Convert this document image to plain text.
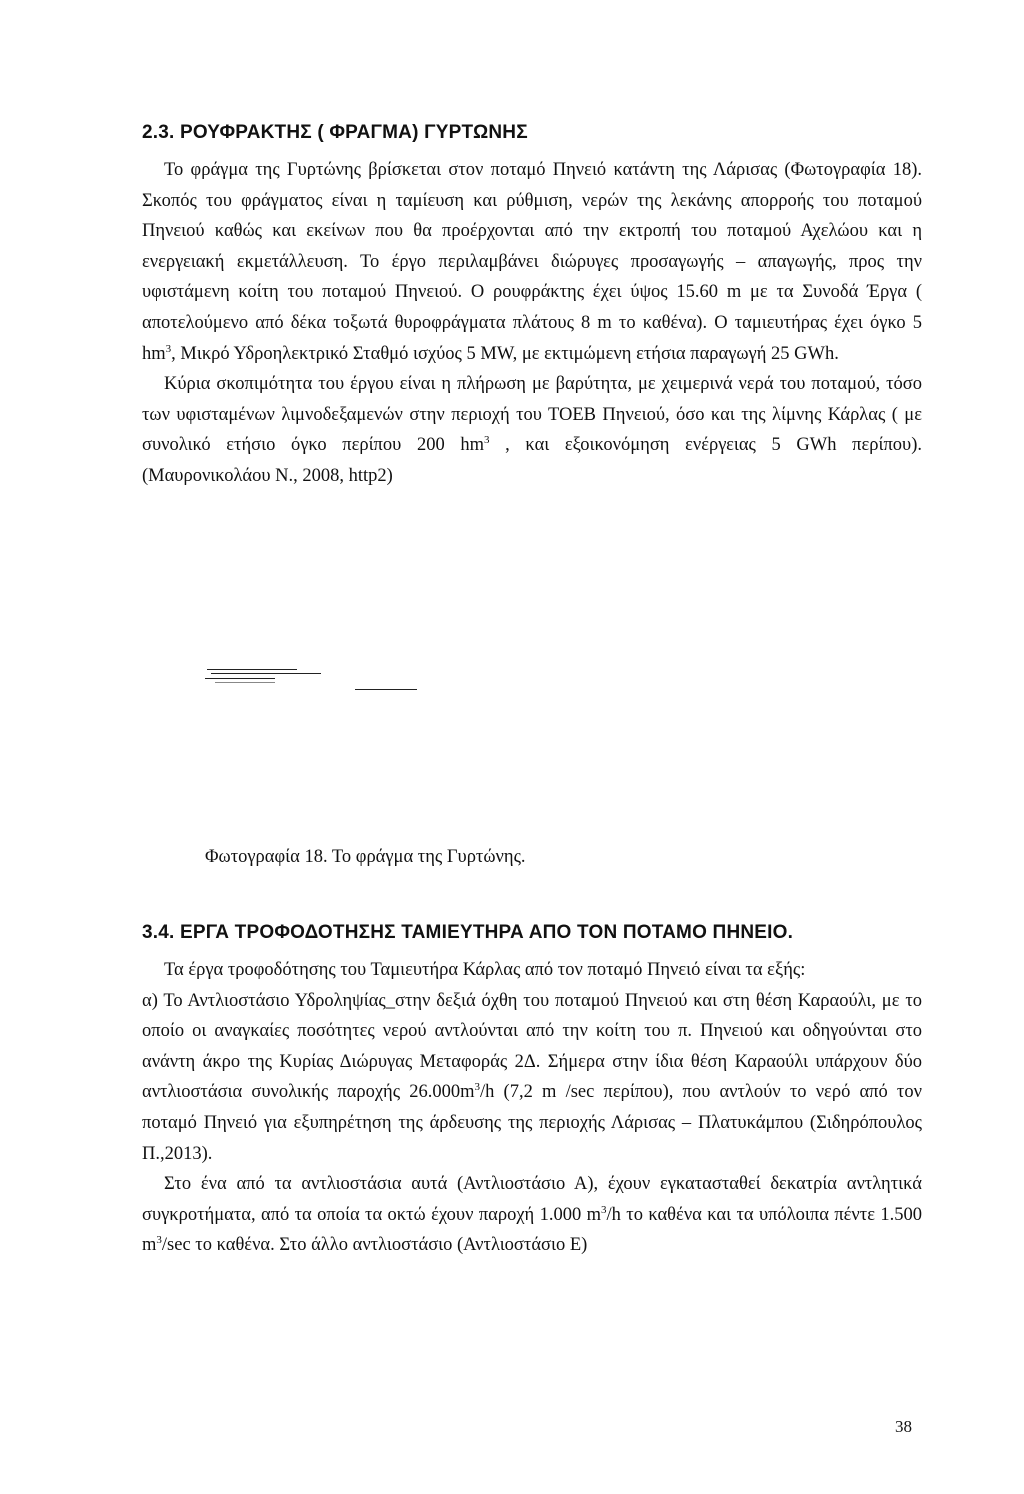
2.3. ΡΟΥΦΡΑΚΤΗΣ ( ΦΡΑΓΜΑ) ΓΥΡΤΩΝΗΣ

Το φράγμα της Γυρτώνης βρίσκεται στον ποταμό Πηνειό κατάντη της Λάρισας (Φωτογραφία 18). Σκοπός του φράγματος είναι η ταμίευση και ρύθμιση, νερών της λεκάνης απορροής του ποταμού Πηνειού καθώς και εκείνων που θα προέρχονται από την εκτροπή του ποταμού Αχελώου και η ενεργειακή εκμετάλλευση. Το έργο περιλαμβάνει διώρυγες προσαγωγής – απαγωγής, προς την υφιστάμενη κοίτη του ποταμού Πηνειού. Ο ρουφράκτης έχει ύψος 15.60 m με τα Συνοδά Έργα ( αποτελούμενο από δέκα τοξωτά θυροφράγματα πλάτους 8 m το καθένα). Ο ταμιευτήρας έχει όγκο 5 $hm^3$, Μικρό Υδροηλεκτρικό Σταθμό ισχύος 5 MW, με εκτιμώμενη ετήσια παραγωγή 25 GWh.

Κύρια σκοπιμότητα του έργου είναι η πλήρωση με βαρύτητα, με χειμερινά νερά του ποταμού, τόσο των υφισταμένων λιμνοδεξαμενών στην περιοχή του ΤΟΕΒ Πηνειού, όσο και της λίμνης Κάρλας ( με συνολικό ετήσιο όγκο περίπου 200 $hm^3$ , και εξοικονόμηση ενέργειας 5 GWh περίπου). (Μαυρονικολάου Ν., 2008, http2)

Φωτογραφία 18. Το φράγμα της Γυρτώνης.

3.4. ΕΡΓΑ ΤΡΟΦΟΔΟΤΗΣΗΣ ΤΑΜΙΕΥΤΗΡΑ ΑΠΟ ΤΟΝ ΠΟΤΑΜΟ ΠΗΝΕΙΟ.

Τα έργα τροφοδότησης του Ταμιευτήρα Κάρλας από τον ποταμό Πηνειό είναι τα εξής:

α) Το Αντλιοστάσιο Υδροληψίας_στην δεξιά όχθη του ποταμού Πηνειού και στη θέση Καραούλι, με το οποίο οι αναγκαίες ποσότητες νερού αντλούνται από την κοίτη του π. Πηνειού και οδηγούνται στο ανάντη άκρο της Κυρίας Διώρυγας Μεταφοράς 2Δ. Σήμερα στην ίδια θέση Καραούλι υπάρχουν δύο αντλιοστάσια συνολικής παροχής $26.000m^3/h$ (7,2 m /sec περίπου), που αντλούν το νερό από τον ποταμό Πηνειό για εξυπηρέτηση της άρδευσης της περιοχής Λάρισας – Πλατυκάμπου (Σιδηρόπουλος Π.,2013).

Στο ένα από τα αντλιοστάσια αυτά (Αντλιοστάσιο Α), έχουν εγκατασταθεί δεκατρία αντλητικά συγκροτήματα, από τα οποία τα οκτώ έχουν παροχή 1.000 $m^3/h$ το καθένα και τα υπόλοιπα πέντε 1.500 $m^3/\sec$ το καθένα. Στο άλλο αντλιοστάσιο (Αντλιοστάσιο Ε)

38
